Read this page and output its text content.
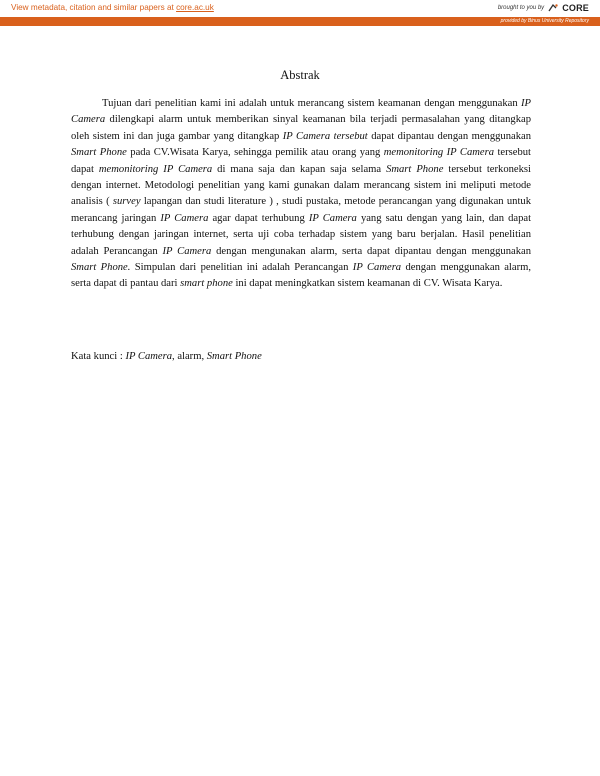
View metadata, citation and similar papers at core.ac.uk	brought to you by CORE
provided by Binus University Repository
Abstrak

Tujuan dari penelitian kami ini adalah untuk merancang sistem keamanan dengan menggunakan IP Camera dilengkapi alarm untuk memberikan sinyal keamanan bila terjadi permasalahan yang ditangkap oleh sistem ini dan juga gambar yang ditangkap IP Camera tersebut dapat dipantau dengan menggunakan Smart Phone pada CV.Wisata Karya, sehingga pemilik atau orang yang memonitoring IP Camera tersebut dapat memonitoring IP Camera di mana saja dan kapan saja selama Smart Phone tersebut terkoneksi dengan internet. Metodologi penelitian yang kami gunakan dalam merancang sistem ini meliputi metode analisis ( survey lapangan dan studi literature ) , studi pustaka, metode perancangan yang digunakan untuk merancang jaringan IP Camera agar dapat terhubung IP Camera yang satu dengan yang lain, dan dapat terhubung dengan jaringan internet, serta uji coba terhadap sistem yang baru berjalan. Hasil penelitian adalah Perancangan IP Camera dengan mengunakan alarm, serta dapat dipantau dengan menggunakan Smart Phone. Simpulan dari penelitian ini adalah Perancangan IP Camera dengan menggunakan alarm, serta dapat di pantau dari smart phone ini dapat meningkatkan sistem keamanan di CV. Wisata Karya.

Kata kunci : IP Camera, alarm, Smart Phone
